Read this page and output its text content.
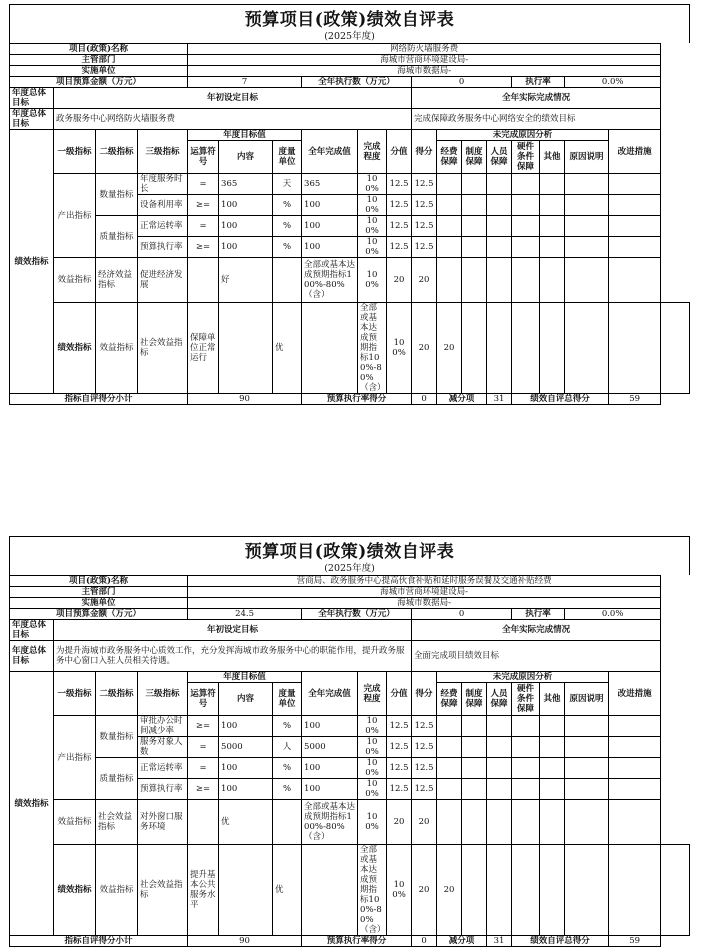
预算项目(政策)绩效自评表
(2025年度)
项目(政策)名称				网络防火墙服务费														
主管部门				海城市营商环境建设局-														
实施单位				海城市数据局-														
项目预算金额（万元）				7			全年执行数（万元）			0				执行率		0.0%		
年度总体目标	年初设定目标									全年实际完成情况								
年度总体目标	政务服务中心网络防火墙服务费									完成保障政务服务中心网络安全的绩效目标								
绩效指标	一级指标	二级指标	三级指标	年度目标值			全年完成值	完成程度	分值	得分	未完成原因分析						改进措施	
				运算符号	内容	度量单位					经费保障	制度保障	人员保障	硬件条件保障	其他	原因说明		
	产出指标	数量指标	年度服务时长	=	365	天	365	100%	12.5	12.5								
			设备利用率	≥=	100	%	100	100%	12.5	12.5								
		质量指标	正常运转率	=	100	%	100	100%	12.5	12.5								
			预算执行率	≥=	100	%	100	100%	12.5	12.5								
	效益指标	经济效益指标	促进经济发展		好		全部或基本达成预期指标100%-80%（含）	100%	20	20								
	绩效指标	效益指标	社会效益指标	保障单位正常运行		优		全部或基本达成预期指标100%-80%（含）	100%	20	20							
指标自评得分小计				90			预算执行率得分			0	减分项		31	绩效自评总得分			59	
预算项目(政策)绩效自评表
(2025年度)
项目(政策)名称				营商局、政务服务中心提高伙食补贴和延时服务误餐及交通补贴经费														
主管部门				海城市营商环境建设局-														
实施单位				海城市数据局-														
项目预算金额（万元）				24.5			全年执行数（万元）			0				执行率		0.0%		
年度总体目标	年初设定目标									全年实际完成情况								
年度总体目标	为提升海城市政务服务中心质效工作，充分发挥海城市政务服务中心的职能作用，提升政务服务中心窗口入驻人员相关待遇。									全面完成项目绩效目标								
绩效指标	一级指标	二级指标	三级指标	年度目标值			全年完成值	完成程度	分值	得分	未完成原因分析						改进措施	
				运算符号	内容	度量单位					经费保障	制度保障	人员保障	硬件条件保障	其他	原因说明		
	产出指标	数量指标	审批办公时间减少率	≥=	100	%	100	100%	12.5	12.5								
			服务对象人数	=	5000	人	5000	100%	12.5	12.5								
		质量指标	正常运转率	=	100	%	100	100%	12.5	12.5								
			预算执行率	≥=	100	%	100	100%	12.5	12.5								
	效益指标	社会效益指标	对外窗口服务环境		优		全部或基本达成预期指标100%-80%（含）	100%	20	20								
	绩效指标	效益指标	社会效益指标	提升基本公共服务水平		优		全部或基本达成预期指标100%-80%（含）	100%	20	20							
指标自评得分小计				90			预算执行率得分			0	减分项		31	绩效自评总得分			59	
